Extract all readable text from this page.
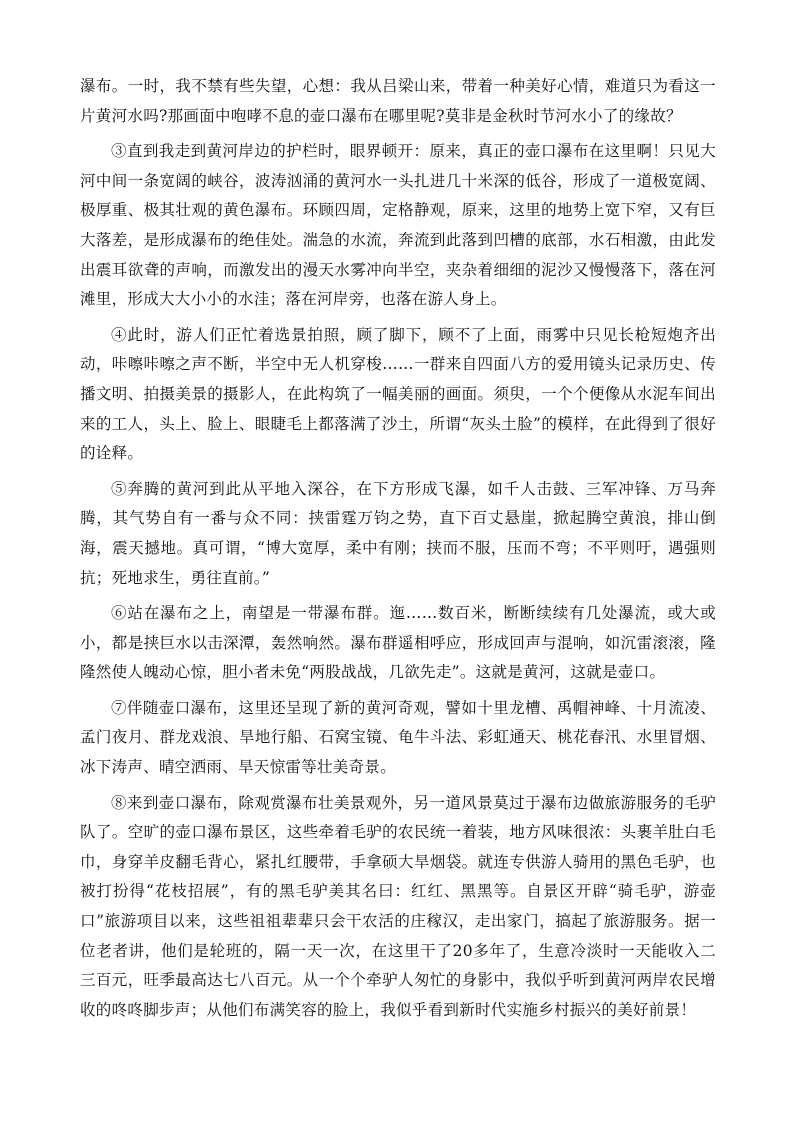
瀑布。一时，我不禁有些失望，心想：我从吕梁山来，带着一种美好心情，难道只为看这一片黄河水吗?那画面中咆哮不息的壶口瀑布在哪里呢?莫非是金秋时节河水小了的缘故？

③直到我走到黄河岸边的护栏时，眼界顿开：原来，真正的壶口瀑布在这里啊！只见大河中间一条宽阔的峡谷，波涛汹涌的黄河水一头扎进几十米深的低谷，形成了一道极宽阔、极厚重、极其壮观的黄色瀑布。环顾四周，定格静观，原来，这里的地势上宽下窄，又有巨大落差，是形成瀑布的绝佳处。湍急的水流，奔流到此落到凹槽的底部，水石相激，由此发出震耳欲聋的声响，而激发出的漫天水雾冲向半空，夹杂着细细的泥沙又慢慢落下，落在河滩里，形成大大小小的水洼；落在河岸旁，也落在游人身上。

④此时，游人们正忙着选景拍照，顾了脚下，顾不了上面，雨雾中只见长枪短炮齐出动，咔嚓咔嚓之声不断，半空中无人机穿梭……一群来自四面八方的爱用镜头记录历史、传播文明、拍摄美景的摄影人，在此构筑了一幅美丽的画面。须臾，一个个便像从水泥车间出来的工人，头上、脸上、眼睫毛上都落满了沙土，所谓“灰头土脸”的模样，在此得到了很好的诠释。

⑤奔腾的黄河到此从平地入深谷，在下方形成飞瀑，如千人击鼓、三军冲锋、万马奔腾，其气势自有一番与众不同：挟雷霆万钧之势，直下百丈悬崖，掀起腾空黄浪，排山倒海，震天撼地。真可谓，“博大宽厚，柔中有刚；挟而不服，压而不弯；不平则吁，遇强则抗；死地求生，勇往直前。”

⑥站在瀑布之上，南望是一带瀑布群。迤……数百米，断断续续有几处瀑流，或大或小，都是挟巨水以击深潭，轰然响然。瀑布群遥相呼应，形成回声与混响，如沉雷滚滚，隆隆然使人魄动心惊，胆小者未免“两股战战，几欲先走”。这就是黄河，这就是壶口。

⑦伴随壶口瀑布，这里还呈现了新的黄河奇观，譬如十里龙槽、禹帽神峰、十月流凌、孟门夜月、群龙戏浪、旱地行船、石窝宝镜、龟牛斗法、彩虹通天、桃花春汛、水里冒烟、冰下涛声、晴空洒雨、旱天惊雷等壮美奇景。

⑧来到壶口瀑布，除观赏瀑布壮美景观外，另一道风景莫过于瀑布边做旅游服务的毛驴队了。空旷的壶口瀑布景区，这些牵着毛驴的农民统一着装，地方风味很浓：头裹羊肚白毛巾，身穿羊皮翻毛背心，紧扎红腰带，手拿硕大旱烟袋。就连专供游人骑用的黑色毛驴，也被打扮得“花枝招展”，有的黑毛驴美其名曰：红红、黑黑等。自景区开辟“骑毛驴，游壶口”旅游项目以来，这些祖祖辈辈只会干农活的庄稼汉，走出家门，搞起了旅游服务。据一位老者讲，他们是轮班的，隔一天一次，在这里干了20多年了，生意冷淡时一天能收入二三百元，旺季最高达七八百元。从一个个牵驴人匆忙的身影中，我似乎听到黄河两岸农民增收的咚咚脚步声；从他们布满笑容的脸上，我似乎看到新时代实施乡村振兴的美好前景！
